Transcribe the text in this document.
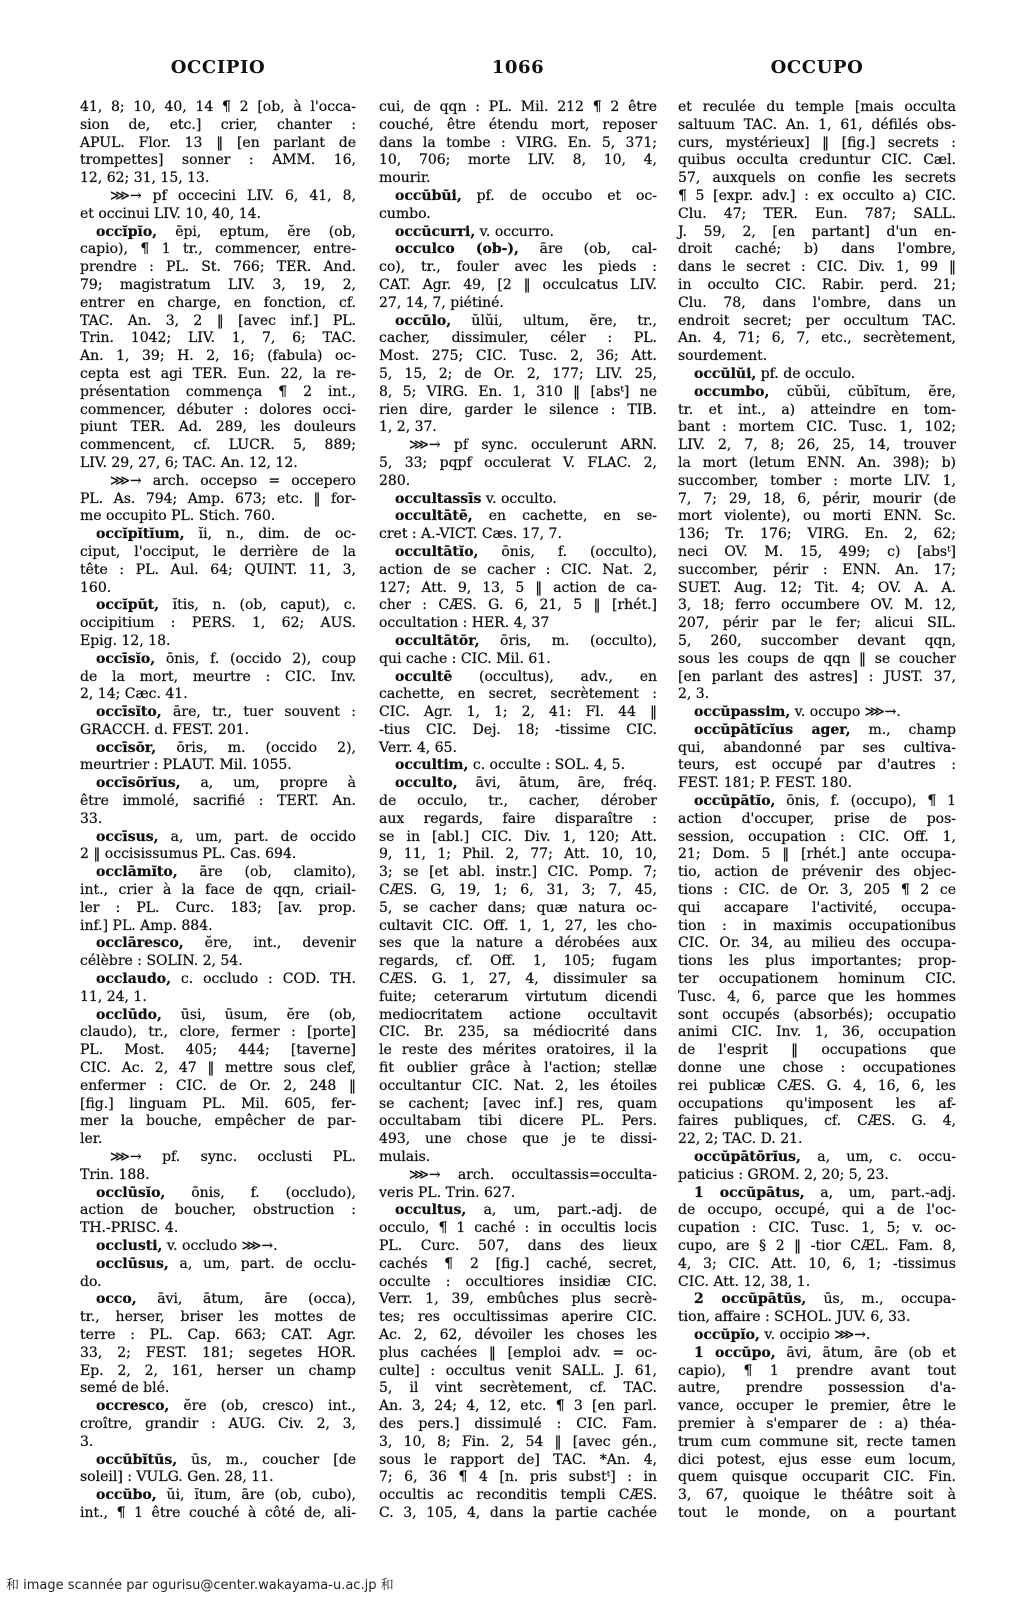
OCCIPIO	1066	OCCUPO
41, 8; 10, 40, 14 ¶ 2 [ob, à l'occa-
sion de, etc.] crier, chanter :
APUL. Flor. 13 ‖ [en parlant de
trompettes] sonner : AMM. 16,
12, 62; 31, 15, 13.
⋙→ pf occecini LIV. 6, 41, 8,
et occinui LIV. 10, 40, 14.
occĭpĭo, ēpi, eptum, ĕre (ob,
capio), ¶ 1 tr., commencer, entre-
prendre : PL. St. 766; TER. And.
79; magistratum LIV. 3, 19, 2,
entrer en charge, en fonction, cf.
TAC. An. 3, 2 ‖ [avec inf.] PL.
Trin. 1042; LIV. 1, 7, 6; TAC.
An. 1, 39; H. 2, 16; (fabula) oc-
cepta est agi TER. Eun. 22, la re-
présentation commença ¶ 2 int.,
commencer, débuter : dolores occi-
piunt TER. Ad. 289, les douleurs
commencent, cf. LUCR. 5, 889;
LIV. 29, 27, 6; TAC. An. 12, 12.
⋙→ arch. occepso = occepero
PL. As. 794; Amp. 673; etc. ‖ for-
me occupito PL. Stich. 760.
occĭpĭtĭum, ĭi, n., dim. de oc-
ciput, l'occiput, le derrière de la
tête : PL. Aul. 64; QUINT. 11, 3,
160.
occĭpŭt, ĭtis, n. (ob, caput), c.
occipitium : PERS. 1, 62; AUS.
Epig. 12, 18.
occīsĭo, ōnis, f. (occido 2), coup
de la mort, meurtre : CIC. Inv.
2, 14; Cæc. 41.
occīsĭto, āre, tr., tuer souvent :
GRACCH. d. FEST. 201.
occīsŏr, ōris, m. (occido 2),
meurtrier : PLAUT. Mil. 1055.
occīsōrĭus, a, um, propre à
être immolé, sacrifié : TERT. An.
33.
occīsus, a, um, part. de occido
2 ‖ occisissumus PL. Cas. 694.
occlāmĭto, āre (ob, clamito),
int., crier à la face de qqn, criail-
ler : PL. Curc. 183; [av. prop.
inf.] PL. Amp. 884.
occlāresco, ĕre, int., devenir
célèbre : SOLIN. 2, 54.
occlaudo, c. occludo : COD. TH.
11, 24, 1.
occlūdo, ūsi, ūsum, ĕre (ob,
claudo), tr., clore, fermer : [porte]
PL. Most. 405; 444; [taverne]
CIC. Ac. 2, 47 ‖ mettre sous clef,
enfermer : CIC. de Or. 2, 248 ‖
[fig.] linguam PL. Mil. 605, fer-
mer la bouche, empêcher de par-
ler.
⋙→ pf. sync. occlusti PL.
Trin. 188.
occlūsĭo, ōnis, f. (occludo),
action de boucher, obstruction :
TH.-PRISC. 4.
occlusti, v. occludo ⋙→.
occlūsus, a, um, part. de occlu-
do.
occo, āvi, ātum, āre (occa),
tr., herser, briser les mottes de
terre : PL. Cap. 663; CAT. Agr.
33, 2; FEST. 181; segetes HOR.
Ep. 2, 2, 161, herser un champ
semé de blé.
occresco, ĕre (ob, cresco) int.,
croître, grandir : AUG. Civ. 2, 3,
3.
occŭbĭtŭs, ūs, m., coucher [de
soleil] : VULG. Gen. 28, 11.
occŭbo, ŭi, ĭtum, āre (ob, cubo),
int., ¶ 1 être couché à côté de, ali-
cui, de qqn : PL. Mil. 212 ¶ 2 être
couché, être étendu mort, reposer
dans la tombe : VIRG. En. 5, 371;
10, 706; morte LIV. 8, 10, 4,
mourir.
occŭbŭi, pf. de occubo et oc-
cumbo.
occŭcurri, v. occurro.
occulco (ob-), āre (ob, cal-
co), tr., fouler avec les pieds :
CAT. Agr. 49, [2 ‖ occulcatus LIV.
27, 14, 7, piétiné.
occŭlo, ŭlŭi, ultum, ĕre, tr.,
cacher, dissimuler, céler : PL.
Most. 275; CIC. Tusc. 2, 36; Att.
5, 15, 2; de Or. 2, 177; LIV. 25,
8, 5; VIRG. En. 1, 310 ‖ [absᵗ] ne
rien dire, garder le silence : TIB.
1, 2, 37.
⋙→ pf sync. occulerunt ARN.
5, 33; pqpf occulerat V. FLAC. 2,
280.
occultassīs v. occulto.
occultātē, en cachette, en se-
cret : A.-VICT. Cæs. 17, 7.
occultātĭo, ōnis, f. (occulto),
action de se cacher : CIC. Nat. 2,
127; Att. 9, 13, 5 ‖ action de ca-
cher : CÆS. G. 6, 21, 5 ‖ [rhét.]
occultation : HER. 4, 37
occultātŏr, ōris, m. (occulto),
qui cache : CIC. Mil. 61.
occultē (occultus), adv., en
cachette, en secret, secrètement :
CIC. Agr. 1, 1; 2, 41: Fl. 44 ‖
-tius CIC. Dej. 18; -tissime CIC.
Verr. 4, 65.
occultim, c. occulte : SOL. 4, 5.
occulto, āvi, ātum, āre, fréq.
de occulo, tr., cacher, dérober
aux regards, faire disparaître :
se in [abl.] CIC. Div. 1, 120; Att.
9, 11, 1; Phil. 2, 77; Att. 10, 10,
3; se [et abl. instr.] CIC. Pomp. 7;
CÆS. G, 19, 1; 6, 31, 3; 7, 45,
5, se cacher dans; quæ natura oc-
cultavit CIC. Off. 1, 1, 27, les cho-
ses que la nature a dérobées aux
regards, cf. Off. 1, 105; fugam
CÆS. G. 1, 27, 4, dissimuler sa
fuite; ceterarum virtutum dicendi
mediocritatem actione occultavit
CIC. Br. 235, sa médiocrité dans
le reste des mérites oratoires, il la
fit oublier grâce à l'action; stellæ
occultantur CIC. Nat. 2, les étoiles
se cachent; [avec inf.] res, quam
occultabam tibi dicere PL. Pers.
493, une chose que je te dissi-
mulais.
⋙→ arch. occultassis=occulta-
veris PL. Trin. 627.
occultus, a, um, part.-adj. de
occulo, ¶ 1 caché : in occultis locis
PL. Curc. 507, dans des lieux
cachés ¶ 2 [fig.] caché, secret,
occulte : occultiores insidiæ CIC.
Verr. 1, 39, embûches plus secrè-
tes; res occultissimas aperire CIC.
Ac. 2, 62, dévoiler les choses les
plus cachées ‖ [emploi adv. = oc-
culte] : occultus venit SALL. J. 61,
5, il vint secrètement, cf. TAC.
An. 3, 24; 4, 12, etc. ¶ 3 [en parl.
des pers.] dissimulé : CIC. Fam.
3, 10, 8; Fin. 2, 54 ‖ [avec gén.,
sous le rapport de] TAC. *An. 4,
7; 6, 36 ¶ 4 [n. pris substᵗ] : in
occultis ac reconditis templi CÆS.
C. 3, 105, 4, dans la partie cachée
et reculée du temple [mais occulta
saltuum TAC. An. 1, 61, défilés obs-
curs, mystérieux] ‖ [fig.] secrets :
quibus occulta creduntur CIC. Cæl.
57, auxquels on confie les secrets
¶ 5 [expr. adv.] : ex occulto a) CIC.
Clu. 47; TER. Eun. 787; SALL.
J. 59, 2, [en partant] d'un en-
droit caché; b) dans l'ombre,
dans le secret : CIC. Div. 1, 99 ‖
in occulto CIC. Rabir. perd. 21;
Clu. 78, dans l'ombre, dans un
endroit secret; per occultum TAC.
An. 4, 71; 6, 7, etc., secrètement,
sourdement.
occŭlŭi, pf. de occulo.
occumbo, cŭbŭi, cŭbĭtum, ĕre,
tr. et int., a) atteindre en tom-
bant : mortem CIC. Tusc. 1, 102;
LIV. 2, 7, 8; 26, 25, 14, trouver
la mort (letum ENN. An. 398); b)
succomber, tomber : morte LIV. 1,
7, 7; 29, 18, 6, périr, mourir (de
mort violente), ou morti ENN. Sc.
136; Tr. 176; VIRG. En. 2, 62;
neci OV. M. 15, 499; c) [absᵗ]
succomber, périr : ENN. An. 17;
SUET. Aug. 12; Tit. 4; OV. A. A.
3, 18; ferro occumbere OV. M. 12,
207, périr par le fer; alicui SIL.
5, 260, succomber devant qqn,
sous les coups de qqn ‖ se coucher
[en parlant des astres] : JUST. 37,
2, 3.
occŭpassim, v. occupo ⋙→.
occŭpātĭcĭus ager, m., champ
qui, abandonné par ses cultiva-
teurs, est occupé par d'autres :
FEST. 181; P. FEST. 180.
occŭpātĭo, ōnis, f. (occupo), ¶ 1
action d'occuper, prise de pos-
session, occupation : CIC. Off. 1,
21; Dom. 5 ‖ [rhét.] ante occupa-
tio, action de prévenir des objec-
tions : CIC. de Or. 3, 205 ¶ 2 ce
qui accapare l'activité, occupa-
tion : in maximis occupationibus
CIC. Or. 34, au milieu des occupa-
tions les plus importantes; prop-
ter occupationem hominum CIC.
Tusc. 4, 6, parce que les hommes
sont occupés (absorbés); occupatio
animi CIC. Inv. 1, 36, occupation
de l'esprit ‖ occupations que
donne une chose : occupationes
rei publicæ CÆS. G. 4, 16, 6, les
occupations qu'imposent les af-
faires publiques, cf. CÆS. G. 4,
22, 2; TAC. D. 21.
occŭpātōrĭus, a, um, c. occu-
paticius : GROM. 2, 20; 5, 23.
1 occŭpātus, a, um, part.-adj.
de occupo, occupé, qui a de l'oc-
cupation : CIC. Tusc. 1, 5; v. oc-
cupo, are § 2 ‖ -tior CÆL. Fam. 8,
4, 3; CIC. Att. 10, 6, 1; -tissimus
CIC. Att. 12, 38, 1.
2 occŭpātŭs, ūs, m., occupa-
tion, affaire : SCHOL. JUV. 6, 33.
occŭpĭo, v. occipio ⋙→.
1 occŭpo, āvi, ātum, āre (ob et
capio), ¶ 1 prendre avant tout
autre, prendre possession d'a-
vance, occuper le premier, être le
premier à s'emparer de : a) théa-
trum cum commune sit, recte tamen
dici potest, ejus esse eum locum,
quem quisque occuparit CIC. Fin.
3, 67, quoique le théâtre soit à
tout le monde, on a pourtant
和 image scannée par ogurisu@center.wakayama-u.ac.jp 和
